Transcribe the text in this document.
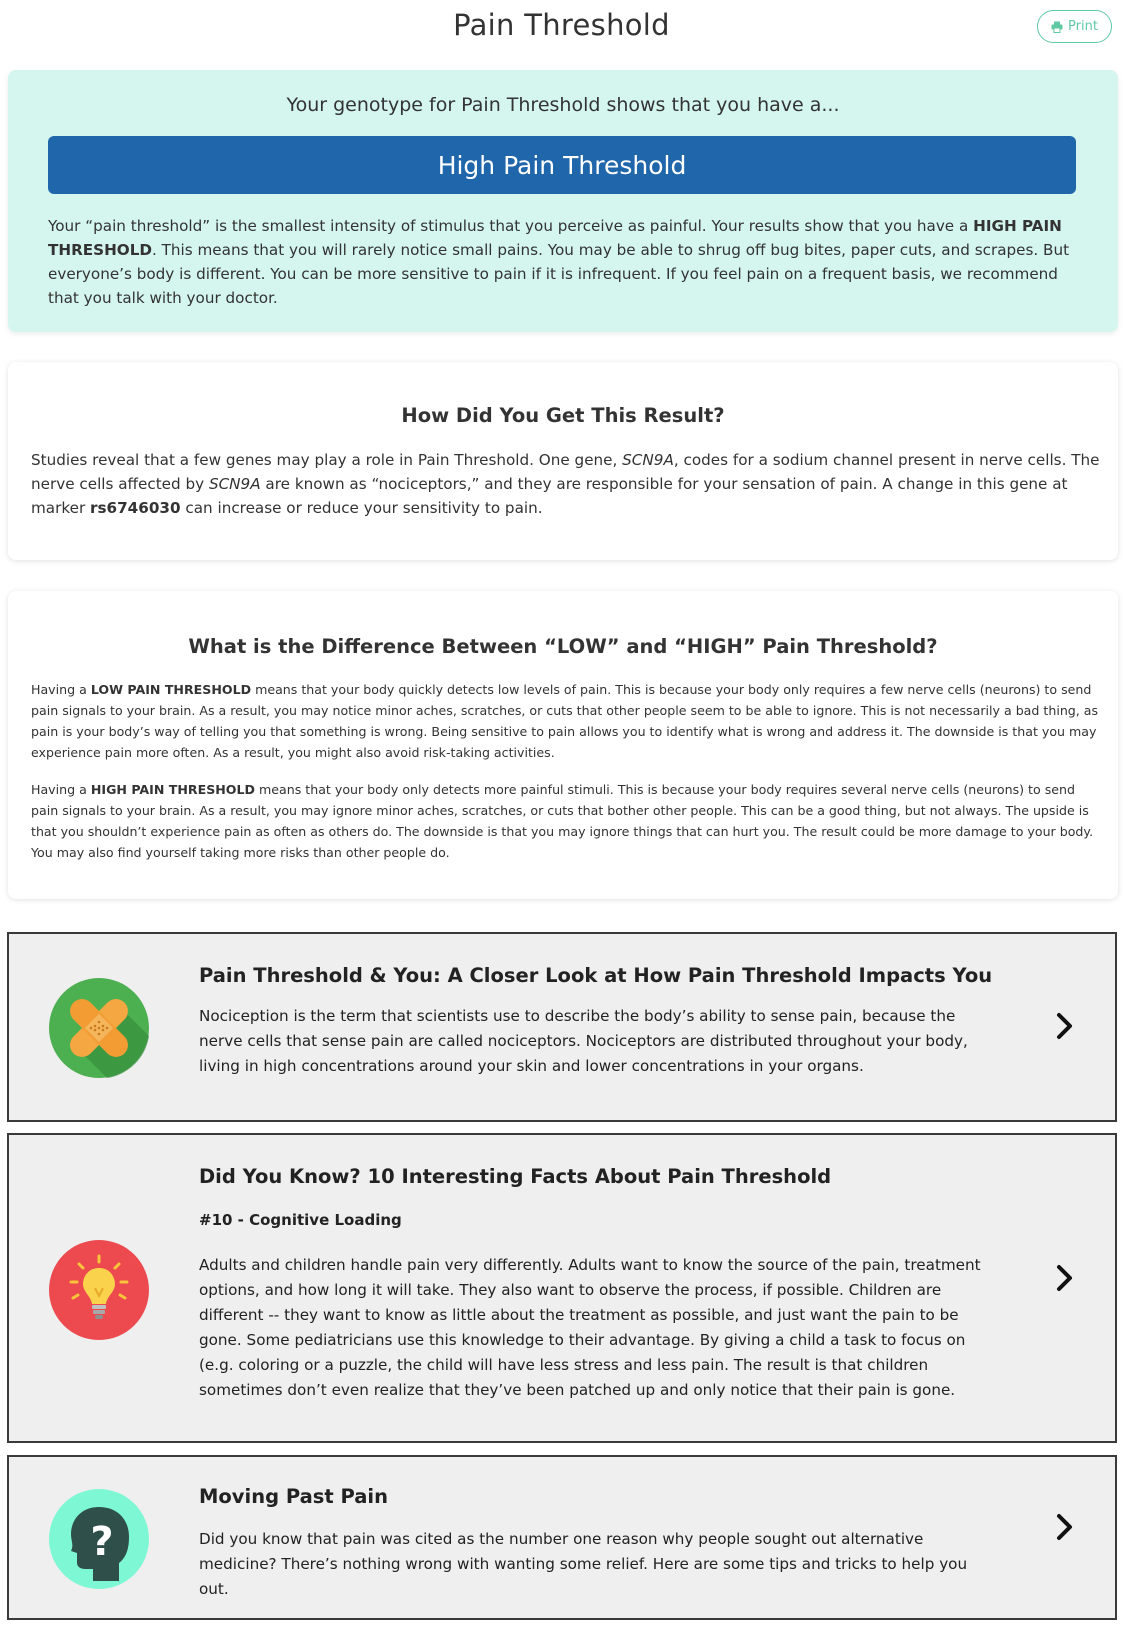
Pain Threshold	Print
Your genotype for Pain Threshold shows that you have a...
High Pain Threshold
Your “pain threshold” is the smallest intensity of stimulus that you perceive as painful. Your results show that you have a HIGH PAIN THRESHOLD. This means that you will rarely notice small pains. You may be able to shrug off bug bites, paper cuts, and scrapes. But everyone’s body is different. You can be more sensitive to pain if it is infrequent. If you feel pain on a frequent basis, we recommend that you talk with your doctor.
How Did You Get This Result?
Studies reveal that a few genes may play a role in Pain Threshold. One gene, SCN9A, codes for a sodium channel present in nerve cells. The nerve cells affected by SCN9A are known as “nociceptors,” and they are responsible for your sensation of pain. A change in this gene at marker rs6746030 can increase or reduce your sensitivity to pain.
What is the Difference Between “LOW” and “HIGH” Pain Threshold?
Having a LOW PAIN THRESHOLD means that your body quickly detects low levels of pain. This is because your body only requires a few nerve cells (neurons) to send pain signals to your brain. As a result, you may notice minor aches, scratches, or cuts that other people seem to be able to ignore. This is not necessarily a bad thing, as pain is your body’s way of telling you that something is wrong. Being sensitive to pain allows you to identify what is wrong and address it. The downside is that you may experience pain more often. As a result, you might also avoid risk-taking activities.
Having a HIGH PAIN THRESHOLD means that your body only detects more painful stimuli. This is because your body requires several nerve cells (neurons) to send pain signals to your brain. As a result, you may ignore minor aches, scratches, or cuts that bother other people. This can be a good thing, but not always. The upside is that you shouldn’t experience pain as often as others do. The downside is that you may ignore things that can hurt you. The result could be more damage to your body. You may also find yourself taking more risks than other people do.
Pain Threshold & You: A Closer Look at How Pain Threshold Impacts You
Nociception is the term that scientists use to describe the body’s ability to sense pain, because the nerve cells that sense pain are called nociceptors. Nociceptors are distributed throughout your body, living in high concentrations around your skin and lower concentrations in your organs.
Did You Know? 10 Interesting Facts About Pain Threshold
#10 - Cognitive Loading
Adults and children handle pain very differently. Adults want to know the source of the pain, treatment options, and how long it will take. They also want to observe the process, if possible. Children are different -- they want to know as little about the treatment as possible, and just want the pain to be gone. Some pediatricians use this knowledge to their advantage. By giving a child a task to focus on (e.g. coloring or a puzzle, the child will have less stress and less pain. The result is that children sometimes don’t even realize that they’ve been patched up and only notice that their pain is gone.
?
Moving Past Pain
Did you know that pain was cited as the number one reason why people sought out alternative medicine? There’s nothing wrong with wanting some relief. Here are some tips and tricks to help you out.
